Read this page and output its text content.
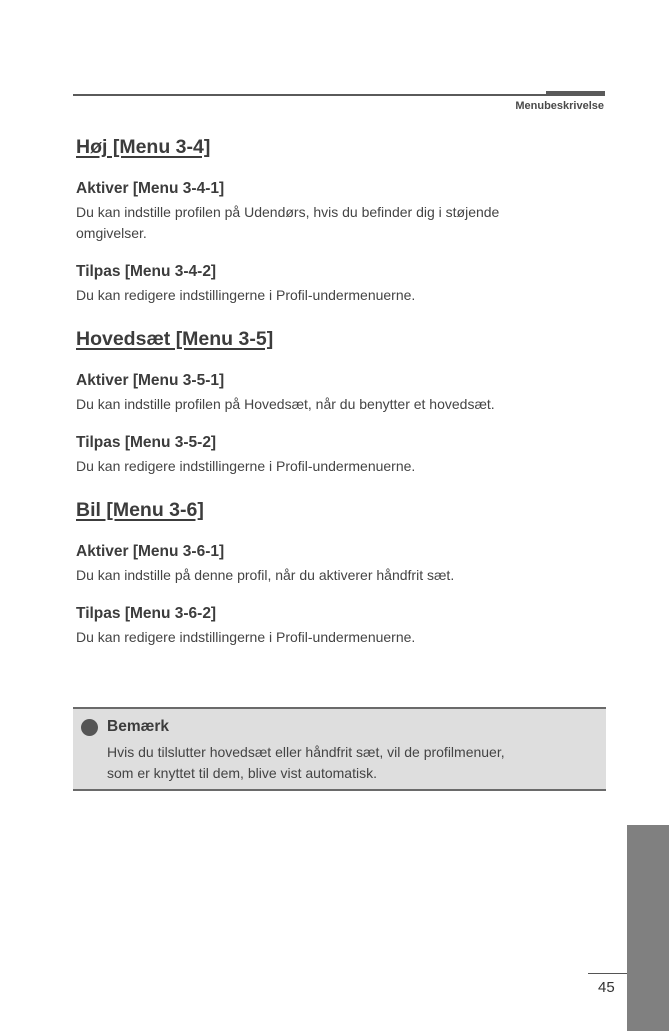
Menubeskrivelse
Høj [Menu 3-4]
Aktiver [Menu 3-4-1]

Du kan indstille profilen på Udendørs, hvis du befinder dig i støjende

omgivelser.

Tilpas [Menu 3-4-2]

Du kan redigere indstillingerne i Profil-undermenuerne.

Hovedsæt [Menu 3-5]
Aktiver [Menu 3-5-1]

Du kan indstille profilen på Hovedsæt, når du benytter et hovedsæt.

Tilpas [Menu 3-5-2]

Du kan redigere indstillingerne i Profil-undermenuerne.

Bil [Menu 3-6]
Aktiver [Menu 3-6-1]

Du kan indstille på denne profil, når du aktiverer håndfrit sæt.

Tilpas [Menu 3-6-2]

Du kan redigere indstillingerne i Profil-undermenuerne.

Bemærk
Hvis du tilslutter hovedsæt eller håndfrit sæt, vil de profilmenuer,
som er knyttet til dem, blive vist automatisk.
45
